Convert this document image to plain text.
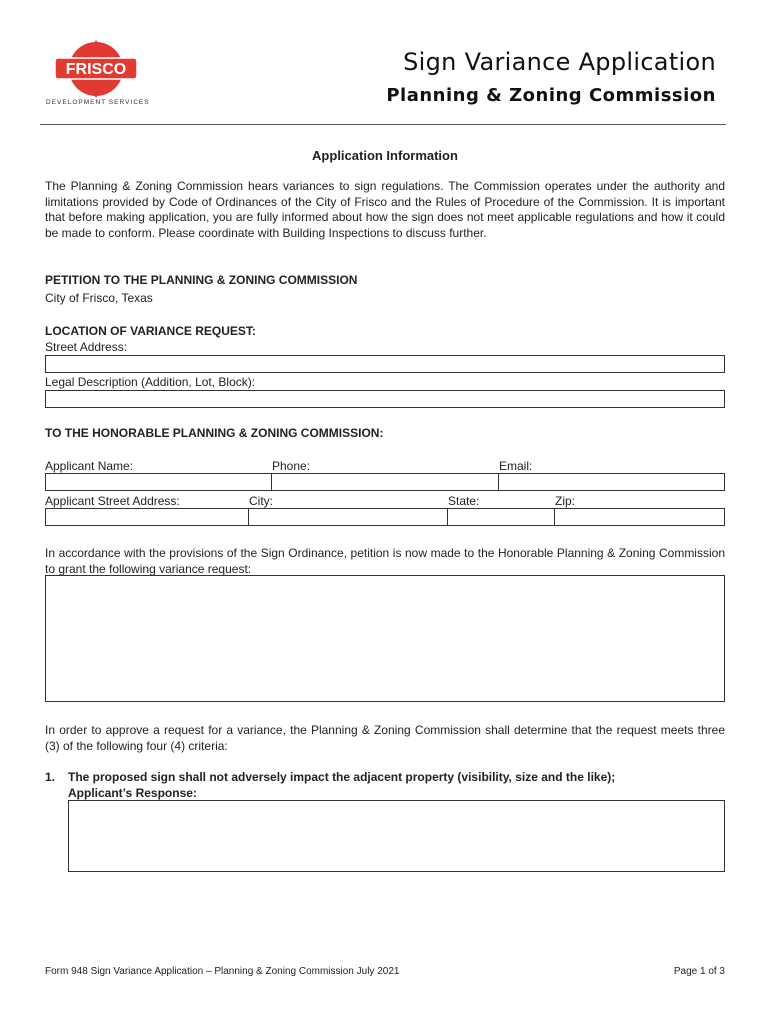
FRISCO
DEVELOPMENT SERVICES
Sign Variance Application
Planning & Zoning Commission
Application Information
The Planning & Zoning Commission hears variances to sign regulations. The Commission operates under the authority and limitations provided by Code of Ordinances of the City of Frisco and the Rules of Procedure of the Commission. It is important that before making application, you are fully informed about how the sign does not meet applicable regulations and how it could be made to conform. Please coordinate with Building Inspections to discuss further.
PETITION TO THE PLANNING & ZONING COMMISSION
City of Frisco, Texas
LOCATION OF VARIANCE REQUEST:
Street Address:
Legal Description (Addition, Lot, Block):
TO THE HONORABLE PLANNING & ZONING COMMISSION:
Applicant Name:	Phone:	Email:
Applicant Street Address:	City:	State:	Zip:
In accordance with the provisions of the Sign Ordinance, petition is now made to the Honorable Planning & Zoning Commission to grant the following variance request:
In order to approve a request for a variance, the Planning & Zoning Commission shall determine that the request meets three (3) of the following four (4) criteria:
1. The proposed sign shall not adversely impact the adjacent property (visibility, size and the like);
Applicant’s Response:
Form 948 Sign Variance Application – Planning & Zoning Commission July 2021	Page 1 of 3
